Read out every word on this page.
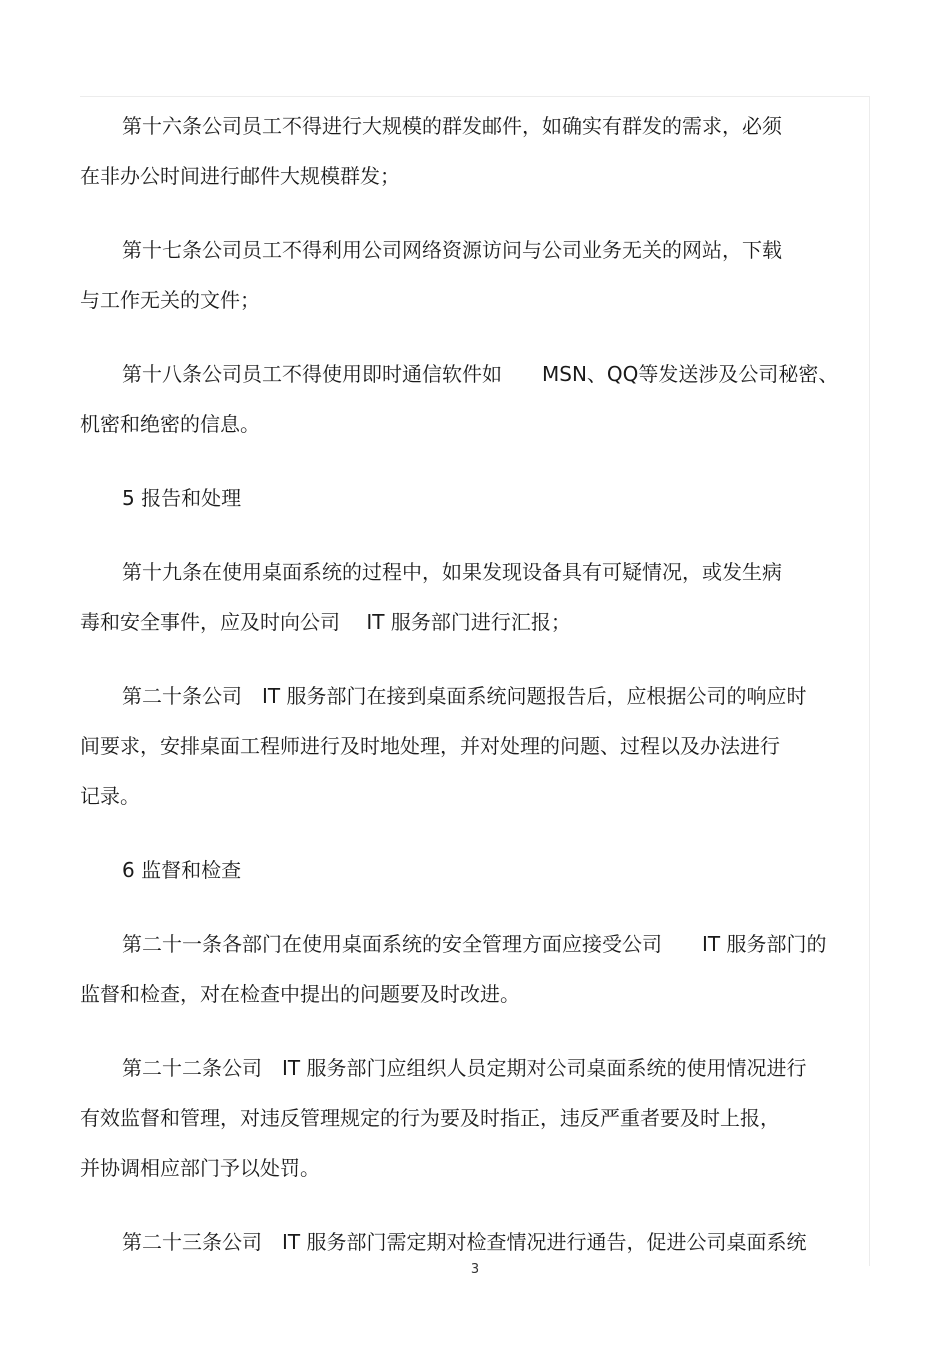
第十六条公司员工不得进行大规模的群发邮件，如确实有群发的需求，必须
在非办公时间进行邮件大规模群发；
第十七条公司员工不得利用公司网络资源访问与公司业务无关的网站，下载
与工作无关的文件；
第十八条公司员工不得使用即时通信软件如　　MSN、QQ等发送涉及公司秘密、
机密和绝密的信息。
5 报告和处理
第十九条在使用桌面系统的过程中，如果发现设备具有可疑情况，或发生病
毒和安全事件，应及时向公司　 IT 服务部门进行汇报；
第二十条公司　IT 服务部门在接到桌面系统问题报告后，应根据公司的响应时
间要求，安排桌面工程师进行及时地处理，并对处理的问题、过程以及办法进行
记录。
6 监督和检查
第二十一条各部门在使用桌面系统的安全管理方面应接受公司　　IT 服务部门的
监督和检查，对在检查中提出的问题要及时改进。
第二十二条公司　IT 服务部门应组织人员定期对公司桌面系统的使用情况进行
有效监督和管理，对违反管理规定的行为要及时指正，违反严重者要及时上报，
并协调相应部门予以处罚。
第二十三条公司　IT 服务部门需定期对检查情况进行通告，促进公司桌面系统
3
